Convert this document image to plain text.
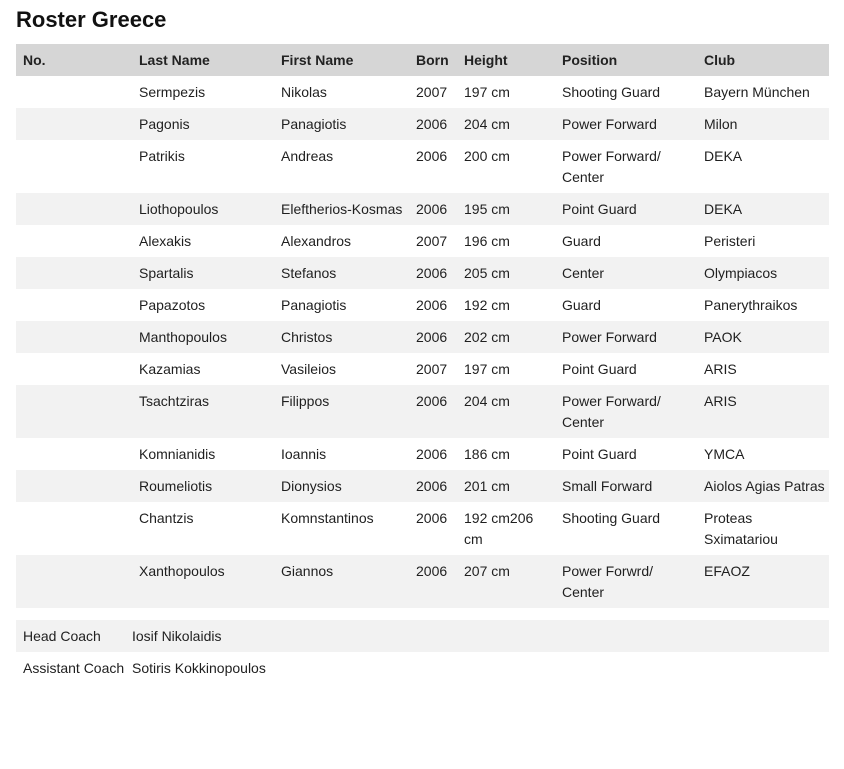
Roster Greece
No.	Last Name	First Name	Born	Height	Position	Club
	Sermpezis	Nikolas	2007	197 cm	Shooting Guard	Bayern München
	Pagonis	Panagiotis	2006	204 cm	Power Forward	Milon
	Patrikis	Andreas	2006	200 cm	Power Forward/ Center	DEKA
	Liothopoulos	Eleftherios-Kosmas	2006	195 cm	Point Guard	DEKA
	Alexakis	Alexandros	2007	196 cm	Guard	Peristeri
	Spartalis	Stefanos	2006	205 cm	Center	Olympiacos
	Papazotos	Panagiotis	2006	192 cm	Guard	Panerythraikos
	Manthopoulos	Christos	2006	202 cm	Power Forward	PAOK
	Kazamias	Vasileios	2007	197 cm	Point Guard	ARIS
	Tsachtziras	Filippos	2006	204 cm	Power Forward/ Center	ARIS
	Komnianidis	Ioannis	2006	186 cm	Point Guard	YMCA
	Roumeliotis	Dionysios	2006	201 cm	Small Forward	Aiolos Agias Patras
	Chantzis	Komnstantinos	2006	192 cm206 cm	Shooting Guard	Proteas Sximatariou
	Xanthopoulos	Giannos	2006	207 cm	Power Forwrd/ Center	EFAOZ
Head Coach	Iosif Nikolaidis
Assistant Coach	Sotiris Kokkinopoulos
